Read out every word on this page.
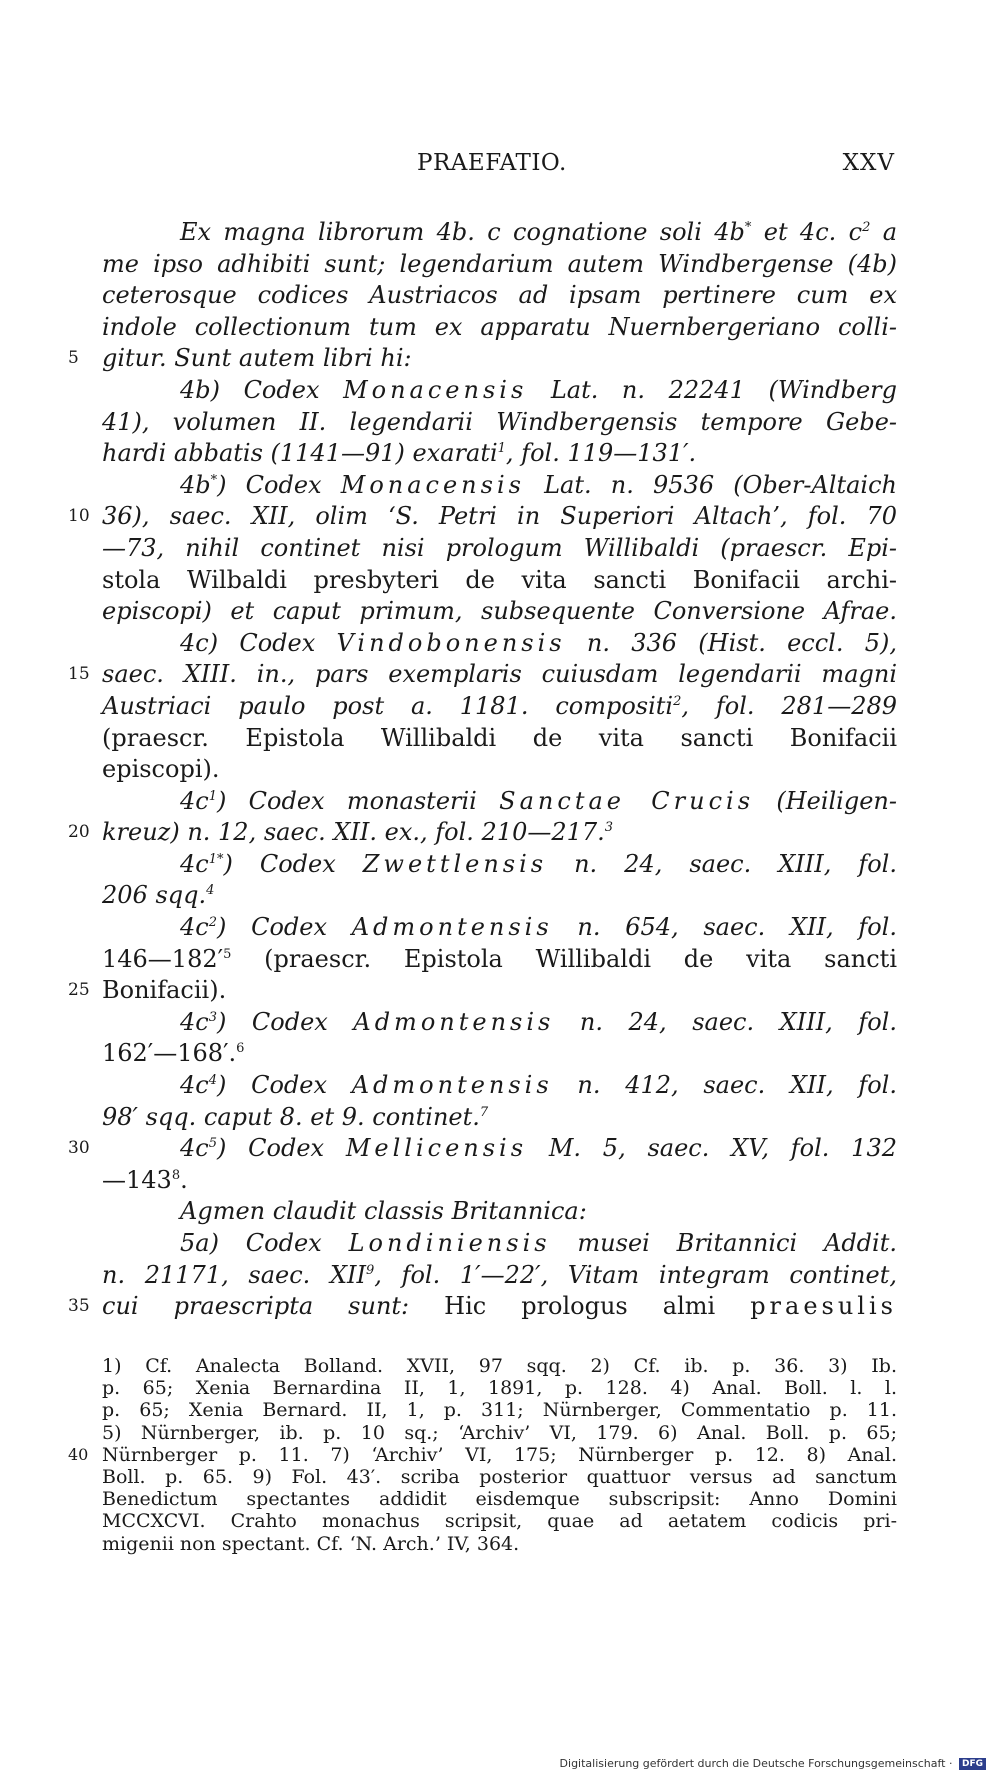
PRAEFATIO.	XXV
Ex magna librorum 4b. c cognatione soli 4b* et 4c. $c^2$ a
me ipso adhibiti sunt; legendarium autem Windbergense (4b)
ceterosque codices Austriacos ad ipsam pertinere cum ex
indole collectionum tum ex apparatu Nuernbergeriano colli-
5 gitur. Sunt autem libri hi:
4b) Codex Monacensis Lat. n. 22241 (Windberg
41), volumen II. legendarii Windbergensis tempore Gebe-
hardi abbatis (1141—91) exarati$^1$, fol. 119—131′.
4b*) Codex Monacensis Lat. n. 9536 (Ober-Altaich
10 36), saec. XII, olim ‘S. Petri in Superiori Altach’, fol. 70
—73, nihil continet nisi prologum Willibaldi (praescr. Epi-
stola Wilbaldi presbyteri de vita sancti Bonifacii archi-
episcopi) et caput primum, subsequente Conversione Afrae.
4c) Codex Vindobonensis n. 336 (Hist. eccl. 5),
15 saec. XIII. in., pars exemplaris cuiusdam legendarii magni
Austriaci paulo post a. 1181. compositi$^2$, fol. 281—289
(praescr. Epistola Willibaldi de vita sancti Bonifacii
episcopi).
$4c^1$) Codex monasterii Sanctae Crucis (Heiligen-
20 kreuz) n. 12, saec. XII. ex., fol. 210—217.$^3$
$4c^{1*}$) Codex Zwettlensis n. 24, saec. XIII, fol.
206 sqq.$^4$
$4c^2$) Codex Admontensis n. 654, saec. XII, fol.
$146—182'^5$ (praescr. Epistola Willibaldi de vita sancti
25 Bonifacii).
$4c^3$) Codex Admontensis n. 24, saec. XIII, fol.
162′—168′.$^6$
$4c^4$) Codex Admontensis n. 412, saec. XII, fol.
98′ sqq. caput 8. et 9. continet.$^7$
30	$4c^5$) Codex Mellicensis M. 5, saec. XV, fol. 132
$—143^8$.
Agmen claudit classis Britannica:
5a) Codex Londiniensis musei Britannici Addit.
n. 21171, saec. XII$^9$, fol. 1′—22′, Vitam integram continet,
35 cui praescripta sunt: Hic prologus almi praesulis
1) Cf. Analecta Bolland. XVII, 97 sqq. 2) Cf. ib. p. 36. 3) Ib.
p. 65; Xenia Bernardina II, 1, 1891, p. 128. 4) Anal. Boll. l. l.
p. 65; Xenia Bernard. II, 1, p. 311; Nürnberger, Commentatio p. 11.
5) Nürnberger, ib. p. 10 sq.; ‘Archiv’ VI, 179. 6) Anal. Boll. p. 65;
40 Nürnberger p. 11. 7) ‘Archiv’ VI, 175; Nürnberger p. 12. 8) Anal.
Boll. p. 65. 9) Fol. 43′. scriba posterior quattuor versus ad sanctum
Benedictum spectantes addidit eisdemque subscripsit: Anno Domini
MCCXCVI. Crahto monachus scripsit, quae ad aetatem codicis pri-
migenii non spectant. Cf. ‘N. Arch.’ IV, 364.
Digitalisierung gefördert durch die Deutsche Forschungsgemeinschaft · DFG
